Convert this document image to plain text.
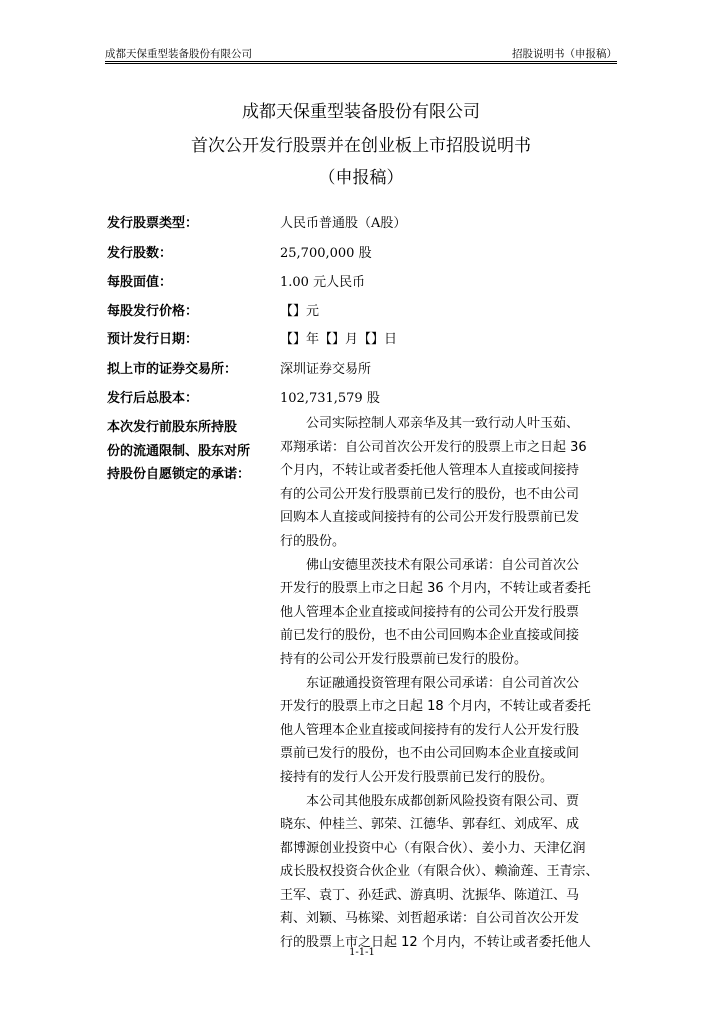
成都天保重型装备股份有限公司	招股说明书（申报稿）
成都天保重型装备股份有限公司
首次公开发行股票并在创业板上市招股说明书
（申报稿）
发行股票类型：	人民币普通股（A股）
发行股数：	25,700,000 股
每股面值：	1.00 元人民币
每股发行价格：	【】元
预计发行日期：	【】年【】月【】日
拟上市的证券交易所：	深圳证券交易所
发行后总股本：	102,731,579 股
本次发行前股东所持股
份的流通限制、股东对所
持股份自愿锁定的承诺：
公司实际控制人邓亲华及其一致行动人叶玉茹、
邓翔承诺：自公司首次公开发行的股票上市之日起 36
个月内，不转让或者委托他人管理本人直接或间接持
有的公司公开发行股票前已发行的股份，也不由公司
回购本人直接或间接持有的公司公开发行股票前已发
行的股份。
佛山安德里茨技术有限公司承诺：自公司首次公
开发行的股票上市之日起 36 个月内，不转让或者委托
他人管理本企业直接或间接持有的公司公开发行股票
前已发行的股份，也不由公司回购本企业直接或间接
持有的公司公开发行股票前已发行的股份。
东证融通投资管理有限公司承诺：自公司首次公
开发行的股票上市之日起 18 个月内，不转让或者委托
他人管理本企业直接或间接持有的发行人公开发行股
票前已发行的股份，也不由公司回购本企业直接或间
接持有的发行人公开发行股票前已发行的股份。
本公司其他股东成都创新风险投资有限公司、贾
晓东、仲桂兰、郭荣、江德华、郭春红、刘成军、成
都博源创业投资中心（有限合伙）、姜小力、天津亿润
成长股权投资合伙企业（有限合伙）、赖渝莲、王青宗、
王军、袁丁、孙廷武、游真明、沈振华、陈道江、马
莉、刘颖、马栋梁、刘哲超承诺：自公司首次公开发
行的股票上市之日起 12 个月内，不转让或者委托他人
1-1-1
